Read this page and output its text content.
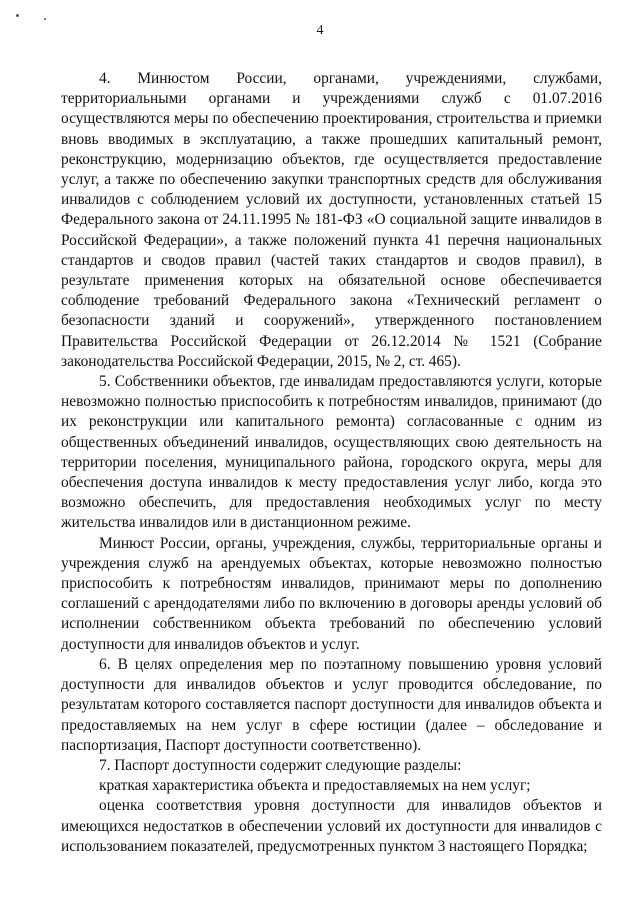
4

4. Минюстом России, органами, учреждениями, службами, территориальными органами и учреждениями служб с 01.07.2016 осуществляются меры по обеспечению проектирования, строительства и приемки вновь вводимых в эксплуатацию, а также прошедших капитальный ремонт, реконструкцию, модернизацию объектов, где осуществляется предоставление услуг, а также по обеспечению закупки транспортных средств для обслуживания инвалидов с соблюдением условий их доступности, установленных статьей 15 Федерального закона от 24.11.1995 № 181-ФЗ «О социальной защите инвалидов в Российской Федерации», а также положений пункта 41 перечня национальных стандартов и сводов правил (частей таких стандартов и сводов правил), в результате применения которых на обязательной основе обеспечивается соблюдение требований Федерального закона «Технический регламент о безопасности зданий и сооружений», утвержденного постановлением Правительства Российской Федерации от 26.12.2014 № 1521 (Собрание законодательства Российской Федерации, 2015, № 2, ст. 465).

5. Собственники объектов, где инвалидам предоставляются услуги, которые невозможно полностью приспособить к потребностям инвалидов, принимают (до их реконструкции или капитального ремонта) согласованные с одним из общественных объединений инвалидов, осуществляющих свою деятельность на территории поселения, муниципального района, городского округа, меры для обеспечения доступа инвалидов к месту предоставления услуг либо, когда это возможно обеспечить, для предоставления необходимых услуг по месту жительства инвалидов или в дистанционном режиме.

Минюст России, органы, учреждения, службы, территориальные органы и учреждения служб на арендуемых объектах, которые невозможно полностью приспособить к потребностям инвалидов, принимают меры по дополнению соглашений с арендодателями либо по включению в договоры аренды условий об исполнении собственником объекта требований по обеспечению условий доступности для инвалидов объектов и услуг.

6. В целях определения мер по поэтапному повышению уровня условий доступности для инвалидов объектов и услуг проводится обследование, по результатам которого составляется паспорт доступности для инвалидов объекта и предоставляемых на нем услуг в сфере юстиции (далее – обследование и паспортизация, Паспорт доступности соответственно).

7. Паспорт доступности содержит следующие разделы:

краткая характеристика объекта и предоставляемых на нем услуг;

оценка соответствия уровня доступности для инвалидов объектов и имеющихся недостатков в обеспечении условий их доступности для инвалидов с использованием показателей, предусмотренных пунктом 3 настоящего Порядка;
